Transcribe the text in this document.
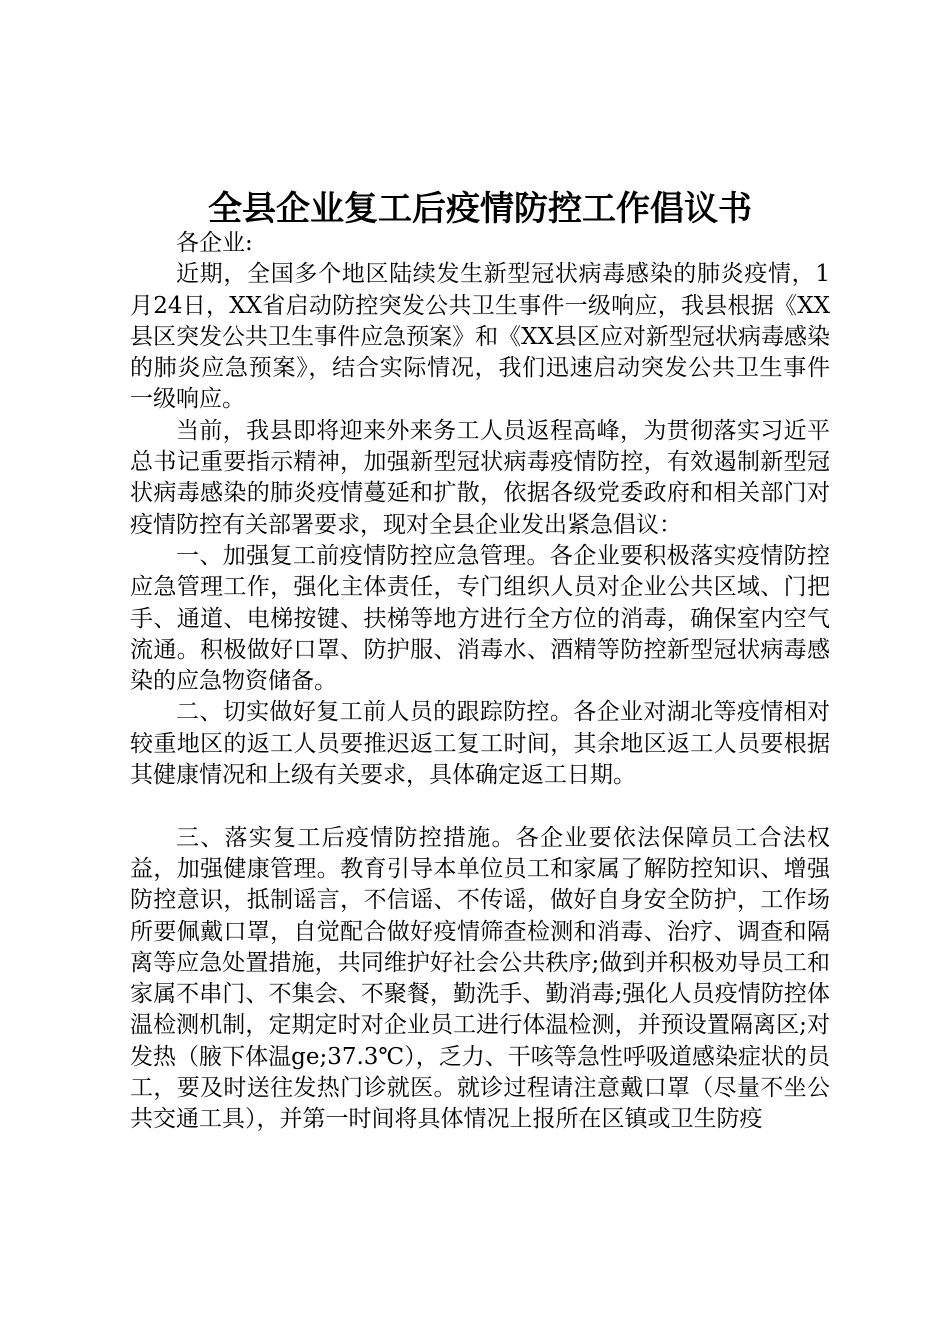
全县企业复工后疫情防控工作倡议书

各企业:

近期，全国多个地区陆续发生新型冠状病毒感染的肺炎疫情，1月24日，XX省启动防控突发公共卫生事件一级响应，我县根据《XX县区突发公共卫生事件应急预案》和《XX县区应对新型冠状病毒感染的肺炎应急预案》，结合实际情况，我们迅速启动突发公共卫生事件一级响应。

当前，我县即将迎来外来务工人员返程高峰，为贯彻落实习近平总书记重要指示精神，加强新型冠状病毒疫情防控，有效遏制新型冠状病毒感染的肺炎疫情蔓延和扩散，依据各级党委政府和相关部门对疫情防控有关部署要求，现对全县企业发出紧急倡议：

一、加强复工前疫情防控应急管理。各企业要积极落实疫情防控应急管理工作，强化主体责任，专门组织人员对企业公共区域、门把手、通道、电梯按键、扶梯等地方进行全方位的消毒，确保室内空气流通。积极做好口罩、防护服、消毒水、酒精等防控新型冠状病毒感染的应急物资储备。

二、切实做好复工前人员的跟踪防控。各企业对湖北等疫情相对较重地区的返工人员要推迟返工复工时间，其余地区返工人员要根据其健康情况和上级有关要求，具体确定返工日期。

三、落实复工后疫情防控措施。各企业要依法保障员工合法权益，加强健康管理。教育引导本单位员工和家属了解防控知识、增强防控意识，抵制谣言，不信谣、不传谣，做好自身安全防护，工作场所要佩戴口罩，自觉配合做好疫情筛查检测和消毒、治疗、调查和隔离等应急处置措施，共同维护好社会公共秩序;做到并积极劝导员工和家属不串门、不集会、不聚餐，勤洗手、勤消毒;强化人员疫情防控体温检测机制，定期定时对企业员工进行体温检测，并预设置隔离区;对发热（腋下体温ge;37.3℃），乏力、干咳等急性呼吸道感染症状的员工，要及时送往发热门诊就医。就诊过程请注意戴口罩（尽量不坐公共交通工具），并第一时间将具体情况上报所在区镇或卫生防疫
